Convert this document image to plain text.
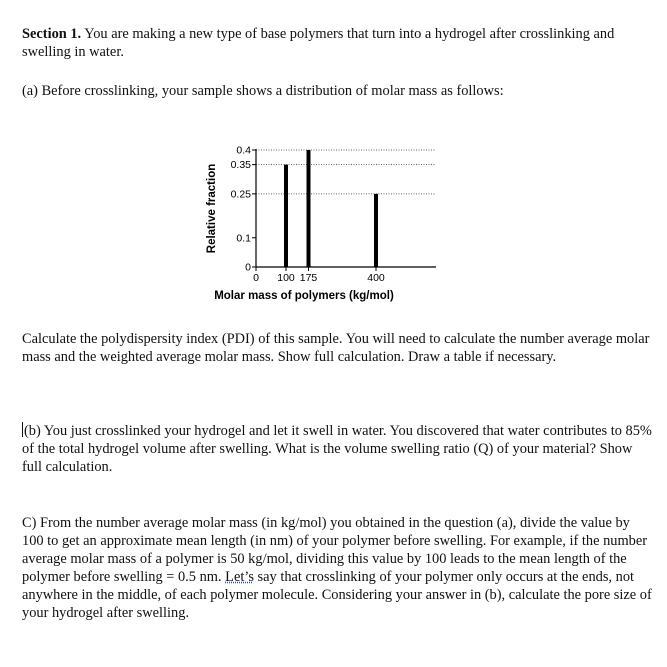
Section 1. You are making a new type of base polymers that turn into a hydrogel after crosslinking and swelling in water.
(a) Before crosslinking, your sample shows a distribution of molar mass as follows:
0
0.1
0.25
0.35
0.4
0 100 175	400
Molar mass of polymers (kg/mol)
Relative fraction
Calculate the polydispersity index (PDI) of this sample. You will need to calculate the number average molar mass and the weighted average molar mass. Show full calculation. Draw a table if necessary.
(b) You just crosslinked your hydrogel and let it swell in water. You discovered that water contributes to 85% of the total hydrogel volume after swelling. What is the volume swelling ratio (Q) of your material? Show full calculation.
C) From the number average molar mass (in kg/mol) you obtained in the question (a), divide the value by 100 to get an approximate mean length (in nm) of your polymer before swelling. For example, if the number average molar mass of a polymer is 50 kg/mol, dividing this value by 100 leads to the mean length of the polymer before swelling = 0.5 nm. Let’s say that crosslinking of your polymer only occurs at the ends, not anywhere in the middle, of each polymer molecule. Considering your answer in (b), calculate the pore size of your hydrogel after swelling.
